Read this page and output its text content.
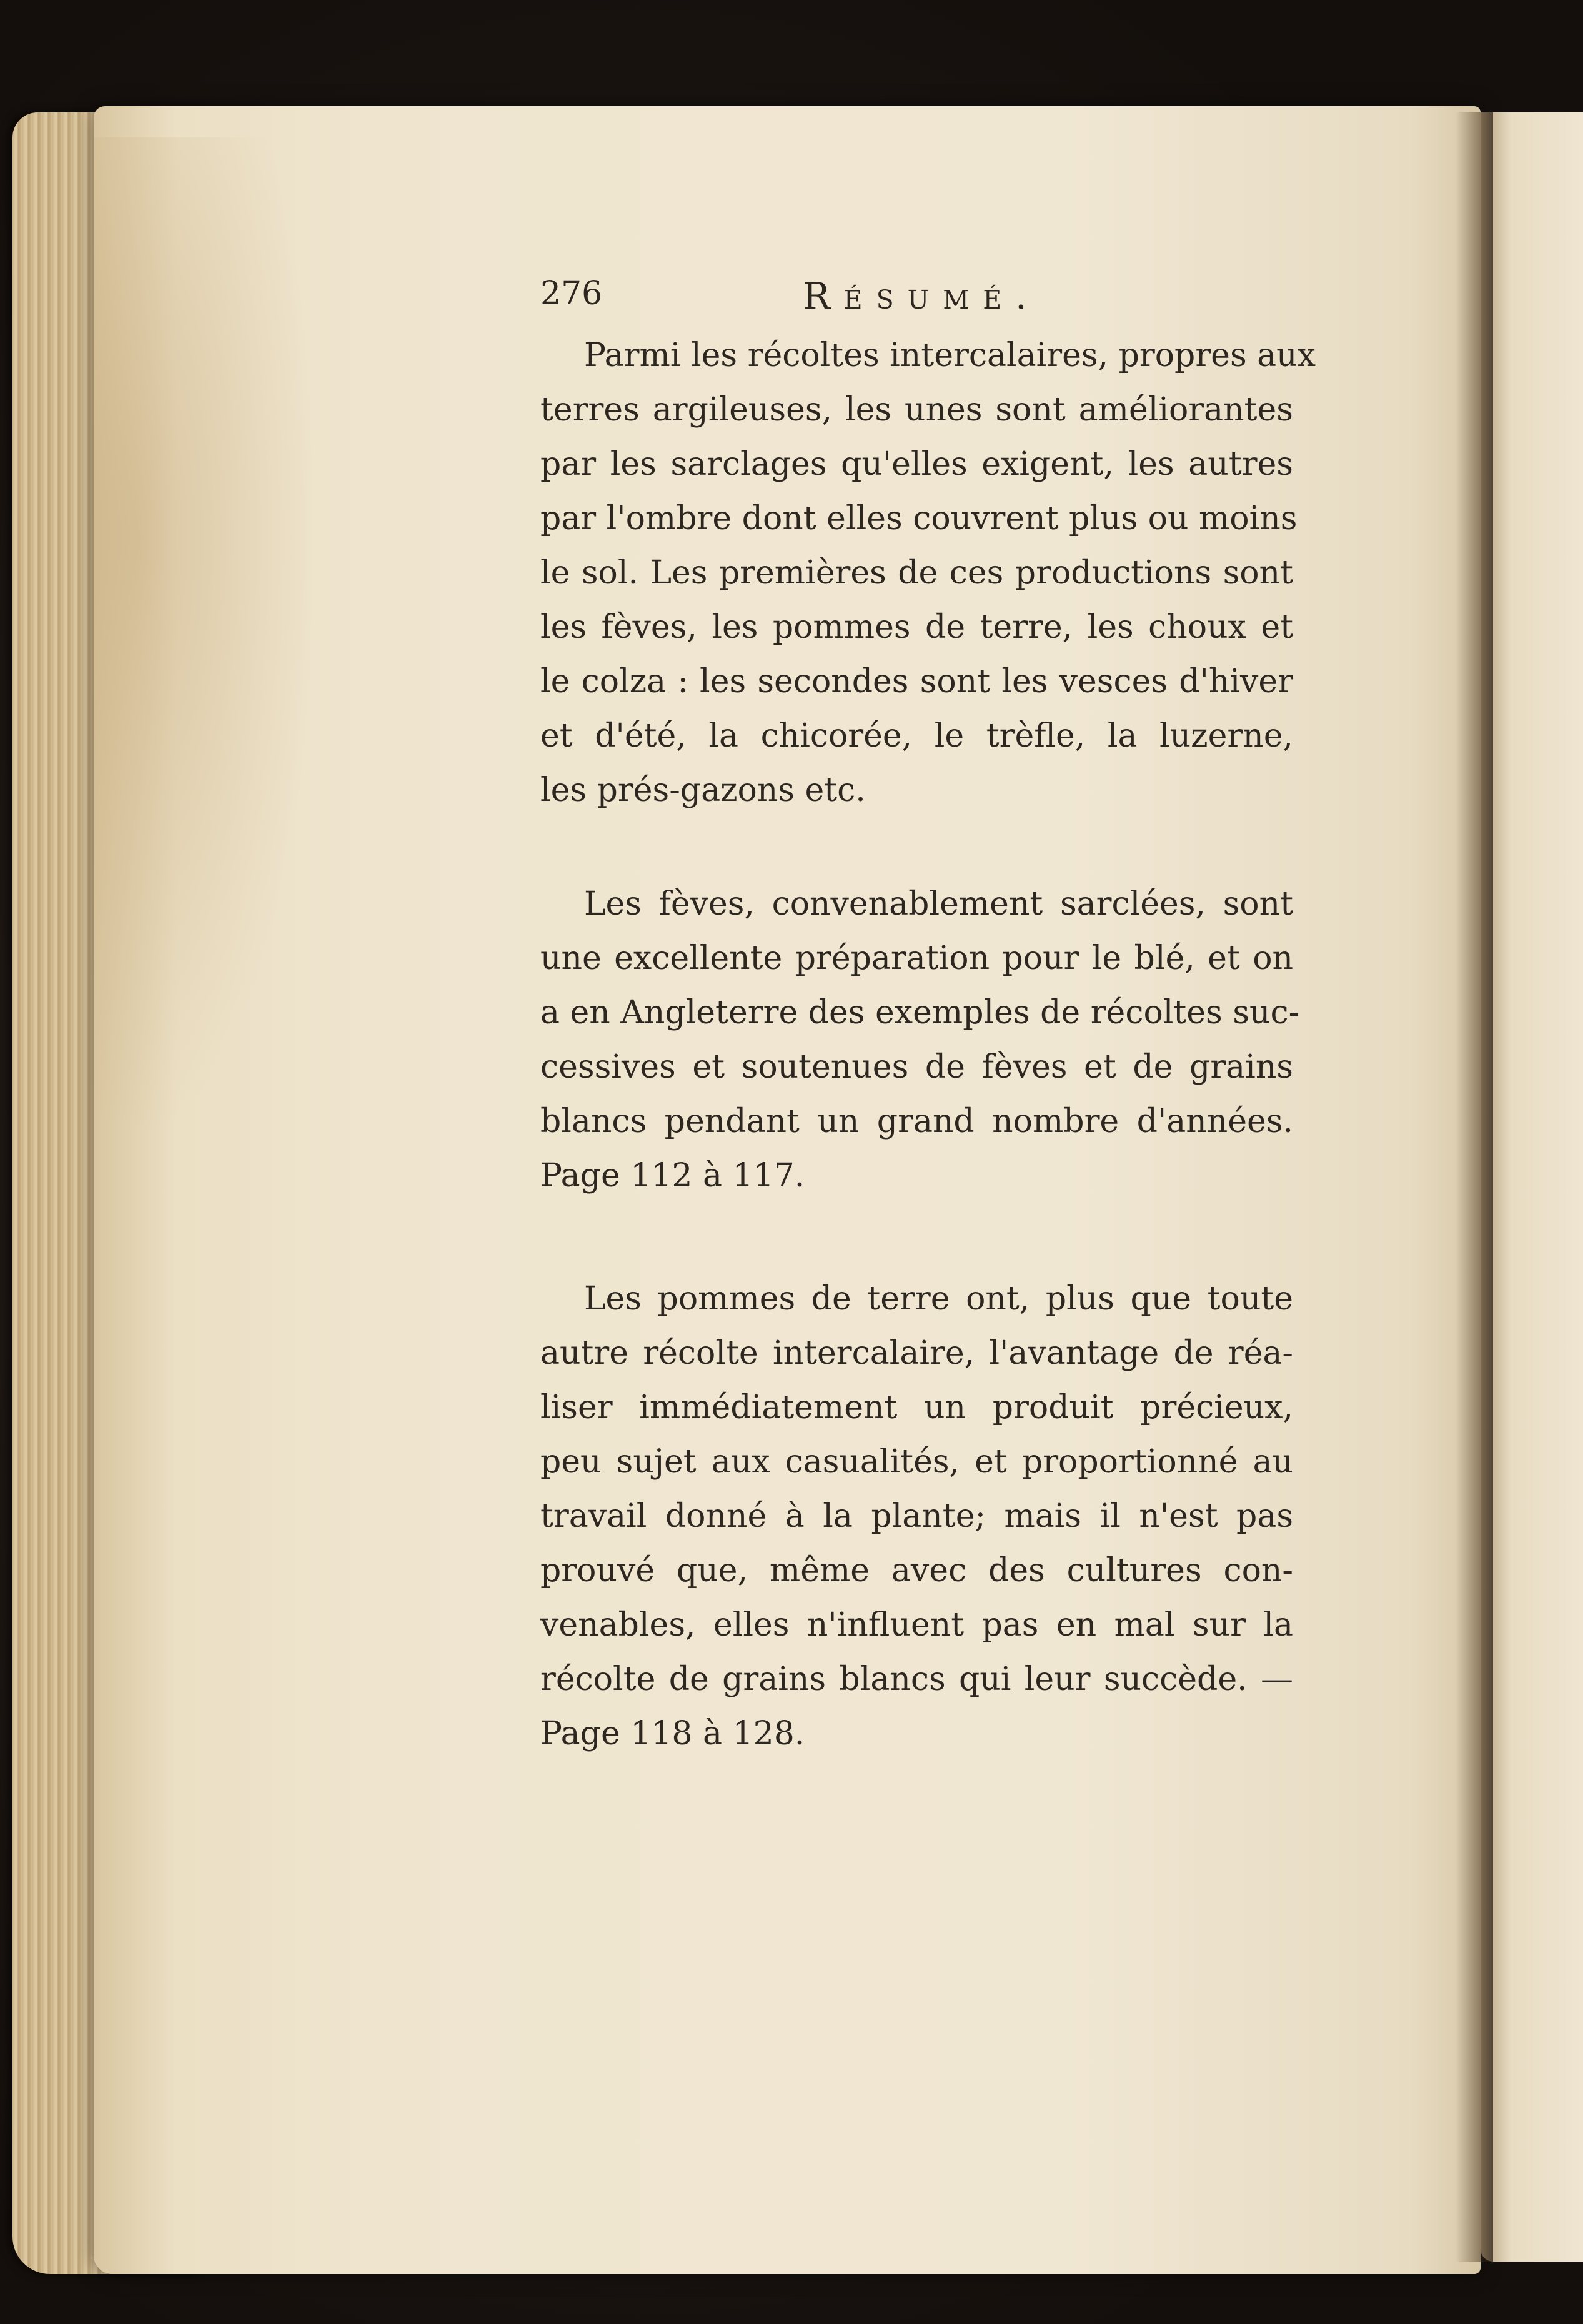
276	Résumé.

Parmi les récoltes intercalaires, propres aux
terres argileuses, les unes sont améliorantes
par les sarclages qu'elles exigent, les autres
par l'ombre dont elles couvrent plus ou moins
le sol. Les premières de ces productions sont
les fèves, les pommes de terre, les choux et
le colza : les secondes sont les vesces d'hiver
et d'été, la chicorée, le trèfle, la luzerne,
les prés-gazons etc.

Les fèves, convenablement sarclées, sont
une excellente préparation pour le blé, et on
a en Angleterre des exemples de récoltes suc-
cessives et soutenues de fèves et de grains
blancs pendant un grand nombre d'années.
Page 112 à 117.

Les pommes de terre ont, plus que toute
autre récolte intercalaire, l'avantage de réa-
liser immédiatement un produit précieux,
peu sujet aux casualités, et proportionné au
travail donné à la plante; mais il n'est pas
prouvé que, même avec des cultures con-
venables, elles n'influent pas en mal sur la
récolte de grains blancs qui leur succède. —
Page 118 à 128.
